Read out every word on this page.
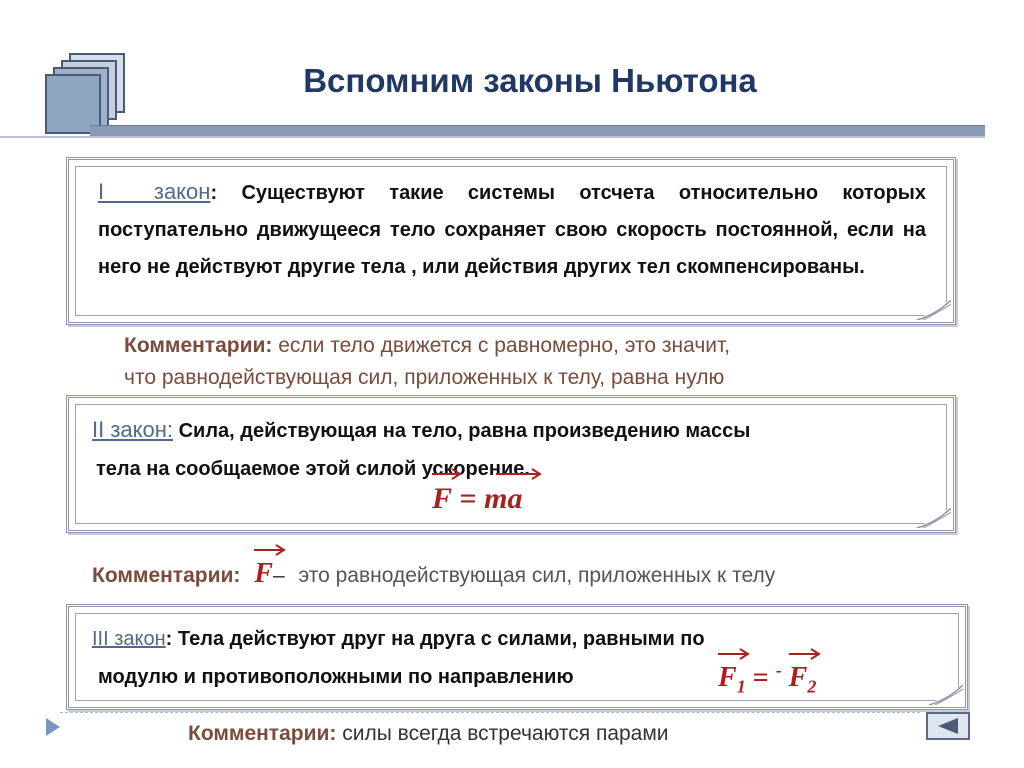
Вспомним законы Ньютона
I  закон: Существуют такие системы отсчета относительно которых поступательно движущееся тело сохраняет свою скорость постоянной, если на него не действуют другие тела , или действия других тел скомпенсированы.
Комментарии: если тело движется с равномерно, это значит,
что равнодействующая сил, приложенных к телу, равна нулю
II закон: Сила, действующая на тело, равна произведению массы
тела на сообщаемое этой силой ускорение.
F = ma
Комментарии: F– это равнодействующая сил, приложенных к телу
III закон: Тела действуют друг на друга с силами, равными по
модулю и противоположными по направлению	$F_1 = ^-$ $F_2$
Комментарии: силы всегда встречаются парами
